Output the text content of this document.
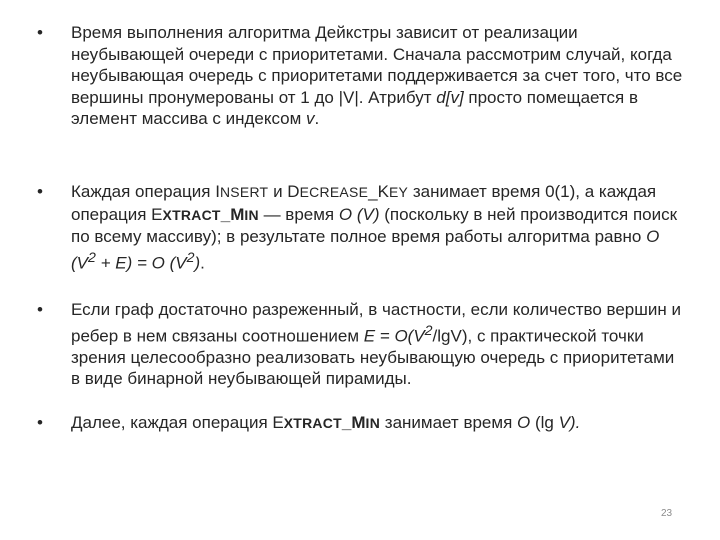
•	Время выполнения алгоритма Дейкстры зависит от реализации неубывающей очереди с приоритетами. Сначала рассмотрим случай, когда неубывающая очередь с приоритетами поддерживается за счет того, что все вершины пронумерованы от 1 до |V|. Атрибут d[v] просто помещается в элемент массива с индексом v.
•	Каждая операция INSERT и DECREASE_KEY занимает время 0(1), а каждая операция EXTRACT_MIN — время O (V) (поскольку в ней производится поиск по всему массиву); в результате полное время работы алгоритма равно O $(V^2 + E) = O$ $(V^2)$.
•	Если граф достаточно разреженный, в частности, если количество вершин и ребер в нем связаны соотношением $E = O(V^2/\lg V)$, с практической точки зрения целесообразно реализовать неубывающую очередь с приоритетами в виде бинарной неубывающей пирамиды.
•	Далее, каждая операция EXTRACT_MIN занимает время O (lg V).
23
